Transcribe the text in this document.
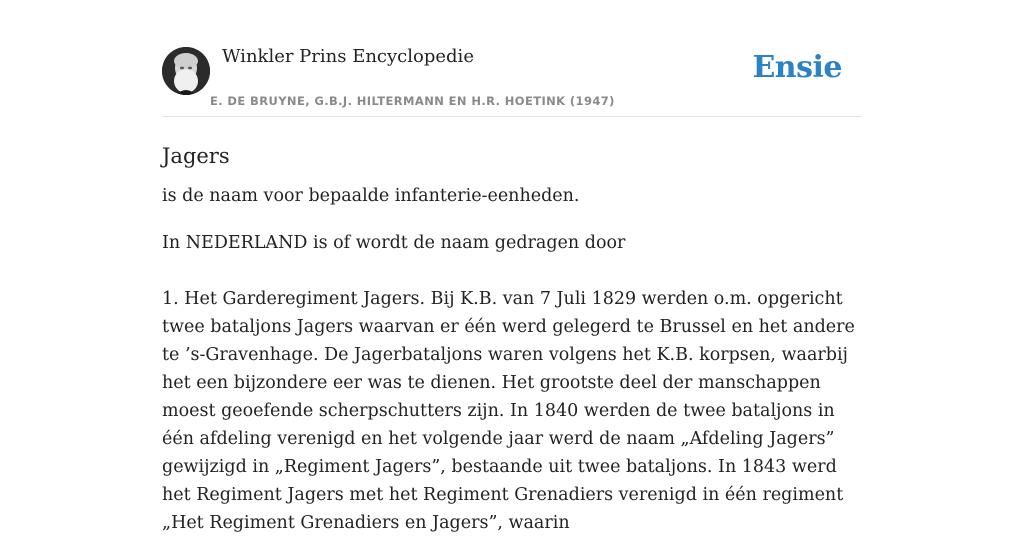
Winkler Prins Encyclopedie
E. DE BRUYNE, G.B.J. HILTERMANN EN H.R. HOETINK (1947)
Ensie
Jagers

is de naam voor bepaalde infanterie-eenheden.

In NEDERLAND is of wordt de naam gedragen door

1. Het Garderegiment Jagers. Bij K.B. van 7 Juli 1829 werden o.m. opgericht twee bataljons Jagers waarvan er één werd gelegerd te Brussel en het andere te ’s-Gravenhage. De Jagerbataljons waren volgens het K.B. korpsen, waarbij het een bijzondere eer was te dienen. Het grootste deel der manschappen moest geoefende scherpschutters zijn. In 1840 werden de twee bataljons in één afdeling verenigd en het volgende jaar werd de naam „Afdeling Jagers” gewijzigd in „Regiment Jagers”, bestaande uit twee bataljons. In 1843 werd het Regiment Jagers met het Regiment Grenadiers verenigd in één regiment „Het Regiment Grenadiers en Jagers”, waarin
